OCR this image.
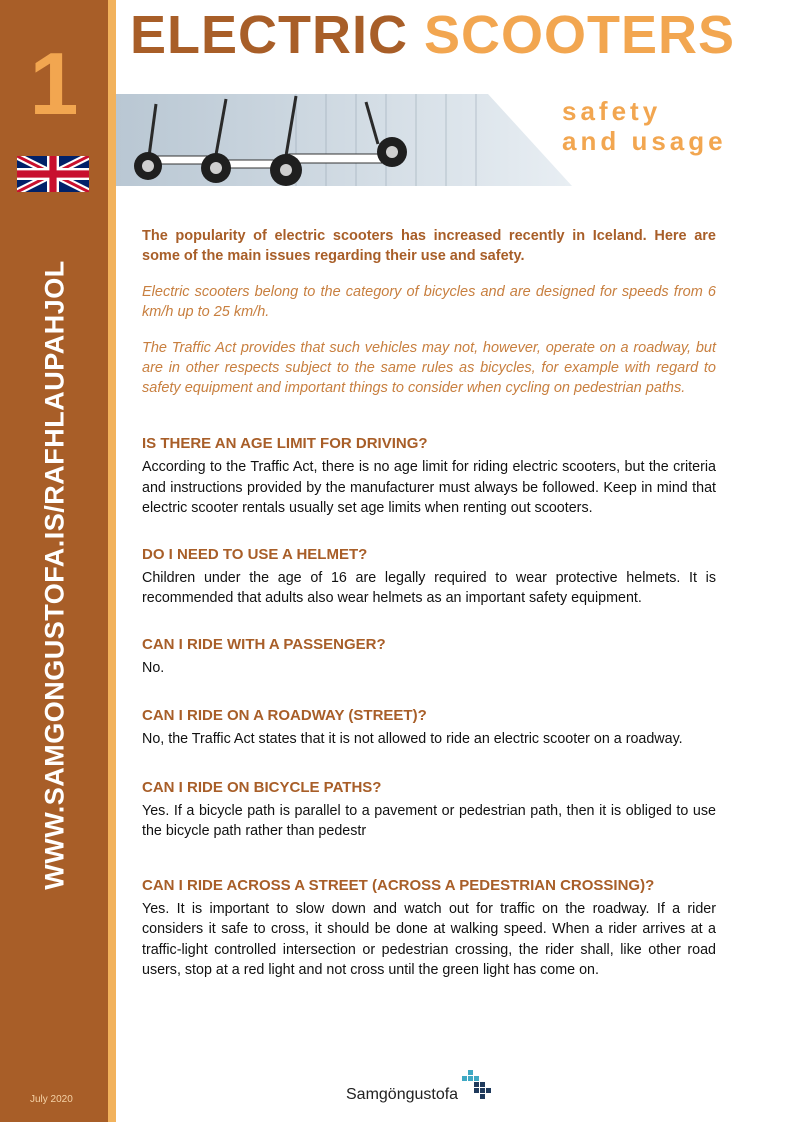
1
WWW.SAMGONGUSTOFA.IS/RAFHLAUPAHJOL
July 2020
ELECTRIC SCOOTERS
safety
and usage

The popularity of electric scooters has increased recently in Iceland. Here are some of the main issues regarding their use and safety.

Electric scooters belong to the category of bicycles and are designed for speeds from 6 km/h up to 25 km/h.

The Traffic Act provides that such vehicles may not, however, operate on a roadway, but are in other respects subject to the same rules as bicycles, for example with regard to safety equipment and important things to consider when cycling on pedestrian paths.

IS THERE AN AGE LIMIT FOR DRIVING?

According to the Traffic Act, there is no age limit for riding electric scooters, but the criteria and instructions provided by the manufacturer must always be followed. Keep in mind that electric scooter rentals usually set age limits when renting out scooters.

DO I NEED TO USE A HELMET?

Children under the age of 16 are legally required to wear protective helmets. It is recommended that adults also wear helmets as an important safety equipment.

CAN I RIDE WITH A PASSENGER?

No.

CAN I RIDE ON A ROADWAY (STREET)?

No, the Traffic Act states that it is not allowed to ride an electric scooter on a roadway.

CAN I RIDE ON BICYCLE PATHS?

Yes. If a bicycle path is parallel to a pavement or pedestrian path, then it is obliged to use the bicycle path rather than pedestr

CAN I RIDE ACROSS A STREET (ACROSS A PEDESTRIAN CROSSING)?

Yes. It is important to slow down and watch out for traffic on the roadway. If a rider considers it safe to cross, it should be done at walking speed. When a rider arrives at a traffic-light controlled intersection or pedestrian crossing, the rider shall, like other road users, stop at a red light and not cross until the green light has come on.

Samgöngustofa
